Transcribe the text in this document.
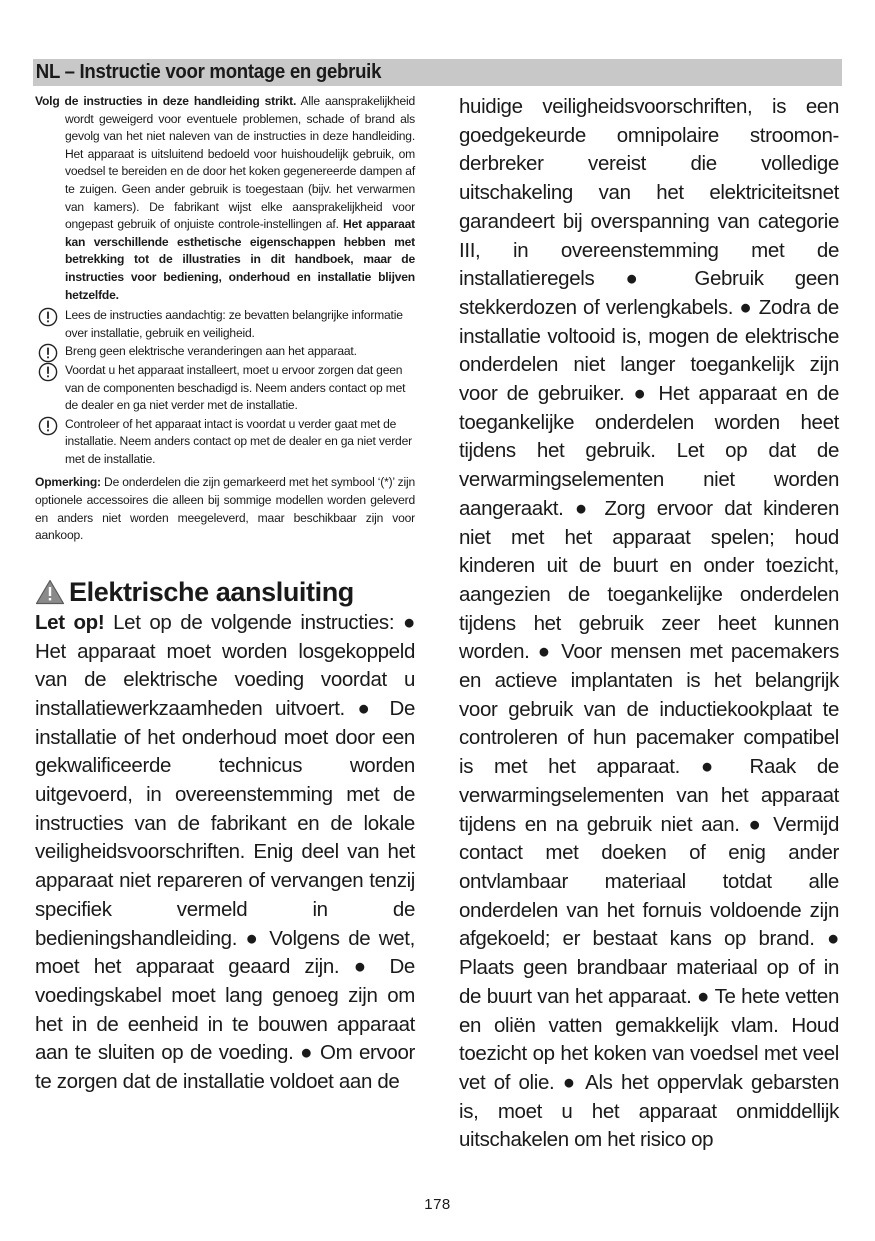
NL – Instructie voor montage en gebruik

Volg de instructies in deze handleiding strikt. Alle aansprakelijkheid wordt geweigerd voor eventuele problemen, schade of brand als gevolg van het niet naleven van de instructies in deze handleiding. Het apparaat is uitsluitend bedoeld voor huishoudelijk gebruik, om voedsel te bereiden en de door het koken gegenereerde dampen af te zuigen. Geen ander gebruik is toegestaan (bijv. het verwarmen van kamers). De fabrikant wijst elke aansprakelijkheid voor ongepast gebruik of onjuiste controle-instellingen af. Het apparaat kan verschillende esthetische eigenschappen hebben met betrekking tot de illustraties in dit handboek, maar de instructies voor bediening, onderhoud en installatie blijven hetzelfde.

Lees de instructies aandachtig: ze bevatten belangrijke informatie over installatie, gebruik en veiligheid.
Breng geen elektrische veranderingen aan het apparaat.
Voordat u het apparaat installeert, moet u ervoor zorgen dat geen van de componenten beschadigd is. Neem anders contact op met de dealer en ga niet verder met de installatie.
Controleer of het apparaat intact is voordat u verder gaat met de installatie. Neem anders contact op met de dealer en ga niet verder met de installatie.

Opmerking: De onderdelen die zijn gemarkeerd met het symbool ‘(*)’ zijn optionele accessoires die alleen bij sommige modellen worden geleverd en anders niet worden meegeleverd, maar beschikbaar zijn voor aankoop.

Elektrische aansluiting

Let op! Let op de volgende instructies: ● Het apparaat moet worden losgekoppeld van de elektrische voeding voordat u installatiewerkzaamheden uitvoert. ● De installatie of het onderhoud moet door een gekwalificeerde technicus worden uitgevoerd, in overeenstemming met de instructies van de fabrikant en de lokale veiligheidsvoorschriften. Enig deel van het apparaat niet repareren of vervangen tenzij specifiek vermeld in de bedieningshandleiding. ● Volgens de wet, moet het apparaat geaard zijn. ● De voedingskabel moet lang genoeg zijn om het in de eenheid in te bouwen apparaat aan te sluiten op de voeding. ● Om ervoor te zorgen dat de installatie voldoet aan de

huidige veiligheidsvoorschriften, is een goedgekeurde omnipolaire stroomon-derbreker vereist die volledige uitschakeling van het elektriciteitsnet garandeert bij overspanning van categorie III, in overeenstemming met de installatieregels ● Gebruik geen stekkerdozen of verlengkabels. ● Zodra de installatie voltooid is, mogen de elektrische onderdelen niet langer toegankelijk zijn voor de gebruiker. ● Het apparaat en de toegankelijke onderdelen worden heet tijdens het gebruik. Let op dat de verwarmingselementen niet worden aangeraakt. ● Zorg ervoor dat kinderen niet met het apparaat spelen; houd kinderen uit de buurt en onder toezicht, aangezien de toegankelijke onderdelen tijdens het gebruik zeer heet kunnen worden. ● Voor mensen met pacemakers en actieve implantaten is het belangrijk voor gebruik van de inductiekookplaat te controleren of hun pacemaker compatibel is met het apparaat. ● Raak de verwarmingselementen van het apparaat tijdens en na gebruik niet aan. ● Vermijd contact met doeken of enig ander ontvlambaar materiaal totdat alle onderdelen van het fornuis voldoende zijn afgekoeld; er bestaat kans op brand. ● Plaats geen brandbaar materiaal op of in de buurt van het apparaat. ● Te hete vetten en oliën vatten gemakkelijk vlam. Houd toezicht op het koken van voedsel met veel vet of olie. ● Als het oppervlak gebarsten is, moet u het apparaat onmiddellijk uitschakelen om het risico op

178
